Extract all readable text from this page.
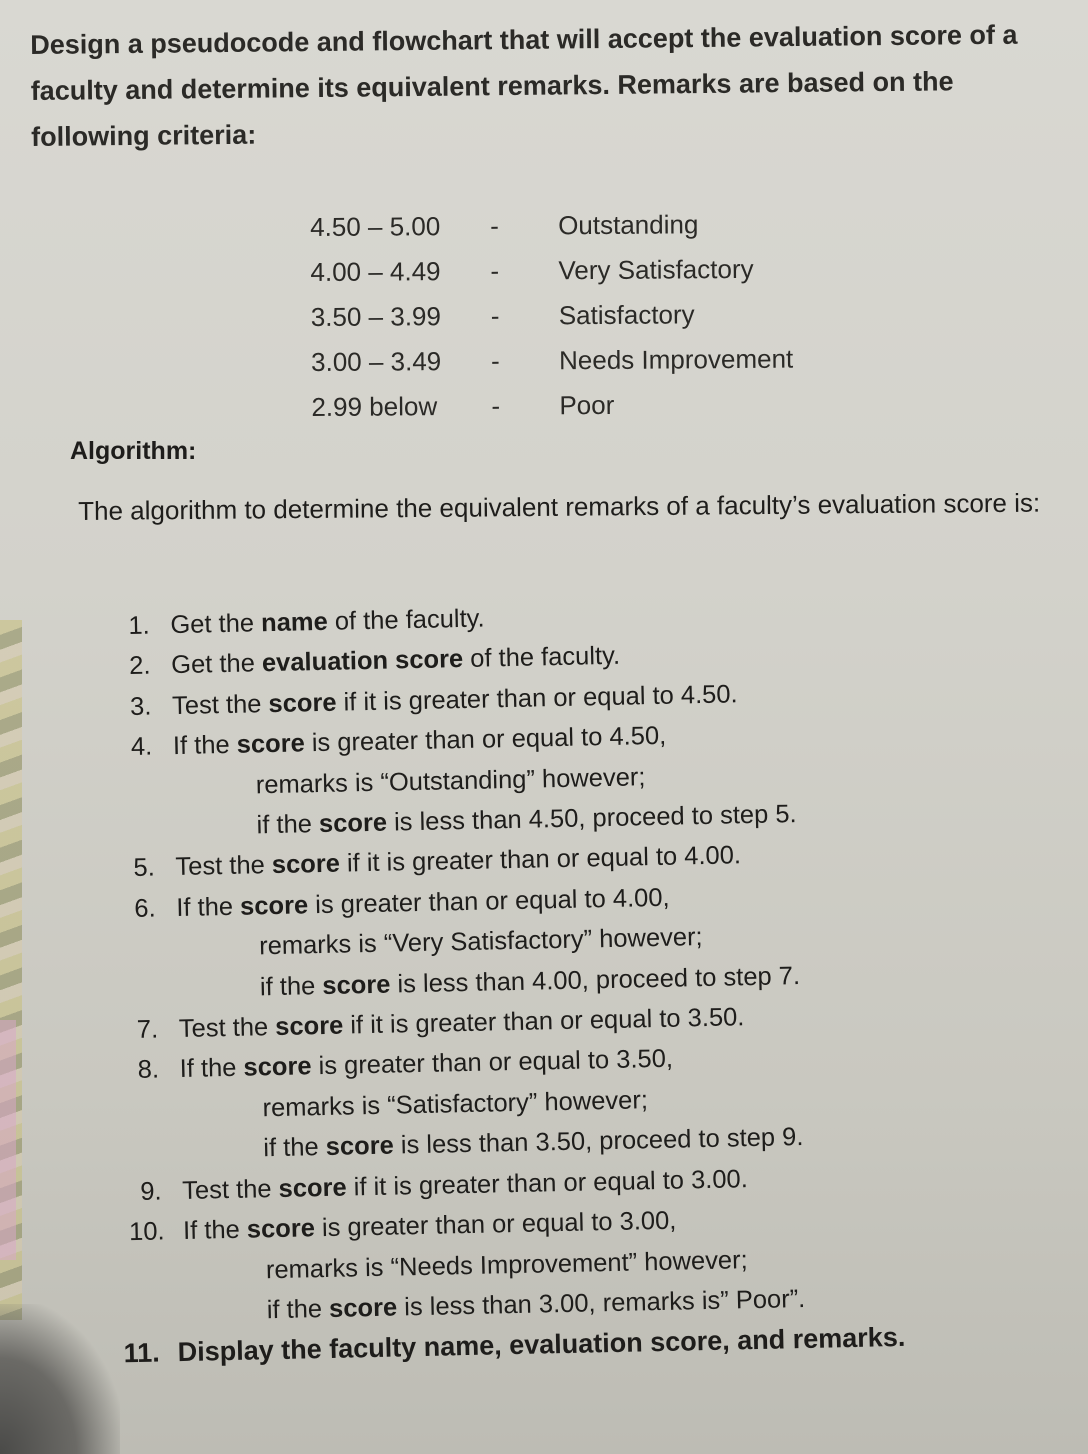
Design a pseudocode and flowchart that will accept the evaluation score of a faculty and determine its equivalent remarks. Remarks are based on the following criteria:
4.50 – 5.00	-	Outstanding
4.00 – 4.49	-	Very Satisfactory
3.50 – 3.99	-	Satisfactory
3.00 – 3.49	-	Needs Improvement
2.99 below	-	Poor
Algorithm:
The algorithm to determine the equivalent remarks of a faculty’s evaluation score is:
1. Get the name of the faculty.
2. Get the evaluation score of the faculty.
3. Test the score if it is greater than or equal to 4.50.
4. If the score is greater than or equal to 4.50,
remarks is “Outstanding” however;
if the score is less than 4.50, proceed to step 5.
5. Test the score if it is greater than or equal to 4.00.
6. If the score is greater than or equal to 4.00,
remarks is “Very Satisfactory” however;
if the score is less than 4.00, proceed to step 7.
7. Test the score if it is greater than or equal to 3.50.
8. If the score is greater than or equal to 3.50,
remarks is “Satisfactory” however;
if the score is less than 3.50, proceed to step 9.
9. Test the score if it is greater than or equal to 3.00.
10. If the score is greater than or equal to 3.00,
remarks is “Needs Improvement” however;
if the score is less than 3.00, remarks is” Poor”.
11. Display the faculty name, evaluation score, and remarks.
